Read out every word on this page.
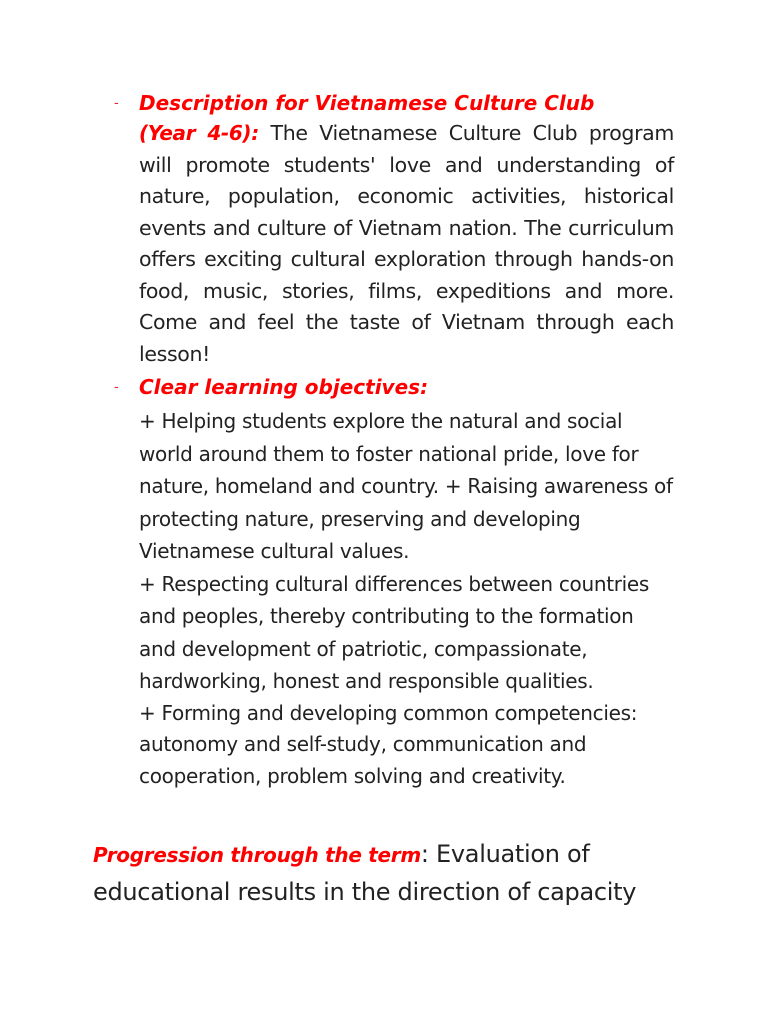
- Description for Vietnamese Culture Club

(Year 4-6): The Vietnamese Culture Club program will promote students' love and understanding of nature, population, economic activities, historical events and culture of Vietnam nation. The curriculum offers exciting cultural exploration through hands-on food, music, stories, films, expeditions and more. Come and feel the taste of Vietnam through each lesson!

- Clear learning objectives:

+ Helping students explore the natural and social world around them to foster national pride, love for nature, homeland and country. + Raising awareness of protecting nature, preserving and developing Vietnamese cultural values.

+ Respecting cultural differences between countries and peoples, thereby contributing to the formation and development of patriotic, compassionate, hardworking, honest and responsible qualities.

+ Forming and developing common competencies: autonomy and self-study, communication and cooperation, problem solving and creativity.

Progression through the term: Evaluation of educational results in the direction of capacity
